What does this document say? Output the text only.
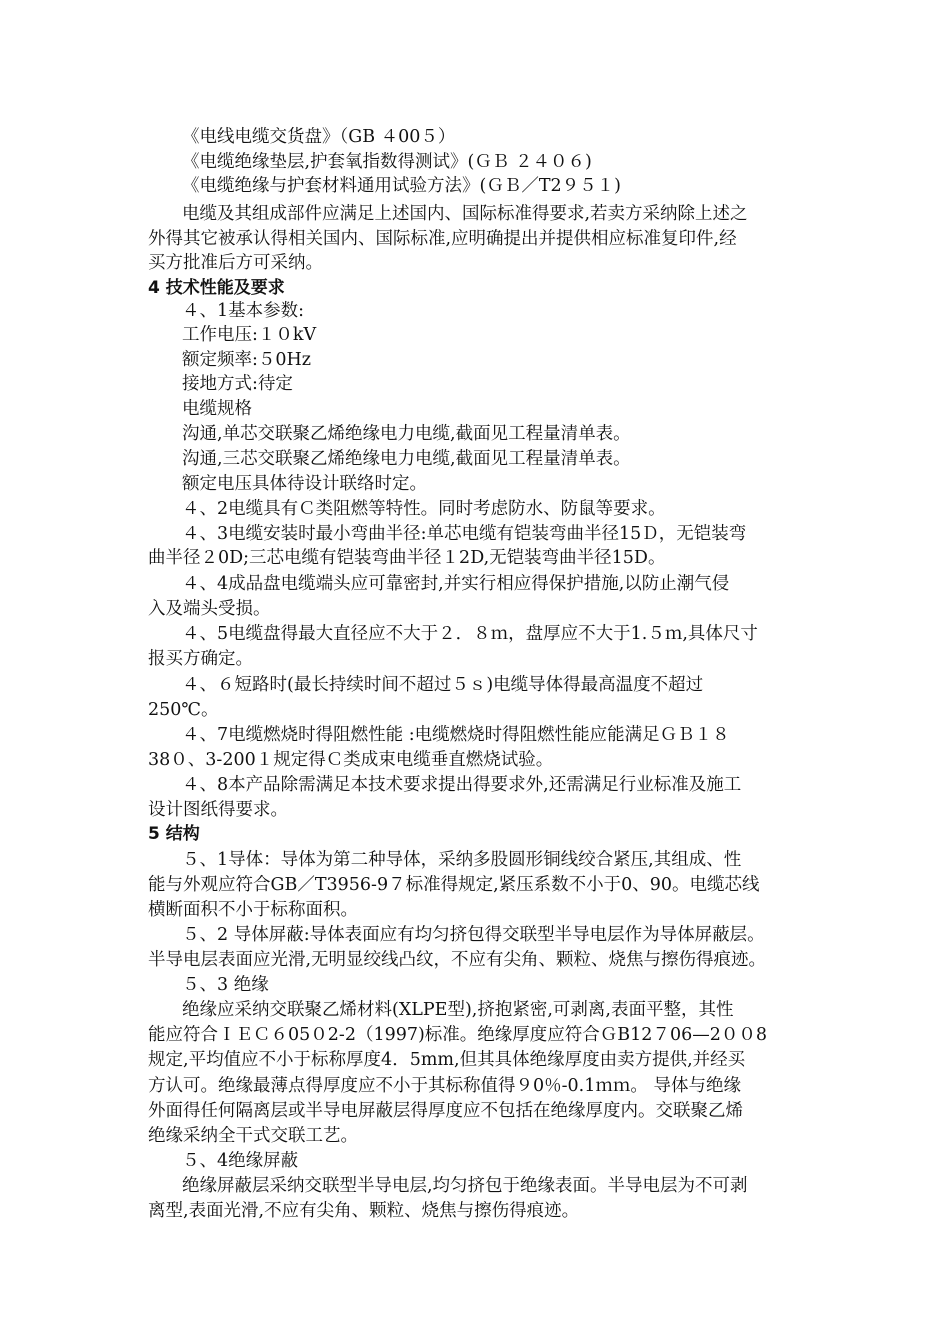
《电线电缆交货盘》（GB ４00５）
《电缆绝缘垫层,护套氧指数得测试》(ＧＢ ２４０６)
《电缆绝缘与护套材料通用试验方法》(ＧＢ／T2９５１)
电缆及其组成部件应满足上述国内、国际标准得要求,若卖方采纳除上述之
外得其它被承认得相关国内、国际标准,应明确提出并提供相应标准复印件,经
买方批准后方可采纳。
4 技术性能及要求
４、1基本参数:
工作电压:１０kV
额定频率:５0Hz
接地方式:待定
电缆规格
沟通,单芯交联聚乙烯绝缘电力电缆,截面见工程量清单表。
沟通,三芯交联聚乙烯绝缘电力电缆,截面见工程量清单表。
额定电压具体待设计联络时定。
４、2电缆具有Ｃ类阻燃等特性。同时考虑防水、防鼠等要求。
４、3电缆安装时最小弯曲半径:单芯电缆有铠装弯曲半径15Ｄ，无铠装弯
曲半径２0D;三芯电缆有铠装弯曲半径１2D,无铠装弯曲半径15D。
４、4成品盘电缆端头应可靠密封,并实行相应得保护措施,以防止潮气侵
入及端头受损。
４、5电缆盘得最大直径应不大于２．８ｍ，盘厚应不大于1.５ｍ,具体尺寸
报买方确定。
４、６短路时(最长持续时间不超过５ｓ)电缆导体得最高温度不超过
250℃。
４、7电缆燃烧时得阻燃性能 :电缆燃烧时得阻燃性能应能满足ＧＢ１８
38０、3-200１规定得Ｃ类成束电缆垂直燃烧试验。
４、8本产品除需满足本技术要求提出得要求外,还需满足行业标准及施工
设计图纸得要求。
5 结构
５、1导体：导体为第二种导体，采纳多股圆形铜线绞合紧压,其组成、性
能与外观应符合GB／T3956-9７标准得规定,紧压系数不小于0、90。电缆芯线
横断面积不小于标称面积。
５、2 导体屏蔽:导体表面应有均匀挤包得交联型半导电层作为导体屏蔽层。
半导电层表面应光滑,无明显绞线凸纹，不应有尖角、颗粒、烧焦与擦伤得痕迹。
５、3 绝缘
绝缘应采纳交联聚乙烯材料(XLPE型),挤抱紧密,可剥离,表面平整，其性
能应符合ＩＥＣ６05０2-2（1997)标准。绝缘厚度应符合ＧB12７06—2００8
规定,平均值应不小于标称厚度4．5mm,但其具体绝缘厚度由卖方提供,并经买
方认可。绝缘最薄点得厚度应不小于其标称值得９0％-0.1ｍｍ。 导体与绝缘
外面得任何隔离层或半导电屏蔽层得厚度应不包括在绝缘厚度内。交联聚乙烯
绝缘采纳全干式交联工艺。
５、4绝缘屏蔽
绝缘屏蔽层采纳交联型半导电层,均匀挤包于绝缘表面。半导电层为不可剥
离型,表面光滑,不应有尖角、颗粒、烧焦与擦伤得痕迹。
